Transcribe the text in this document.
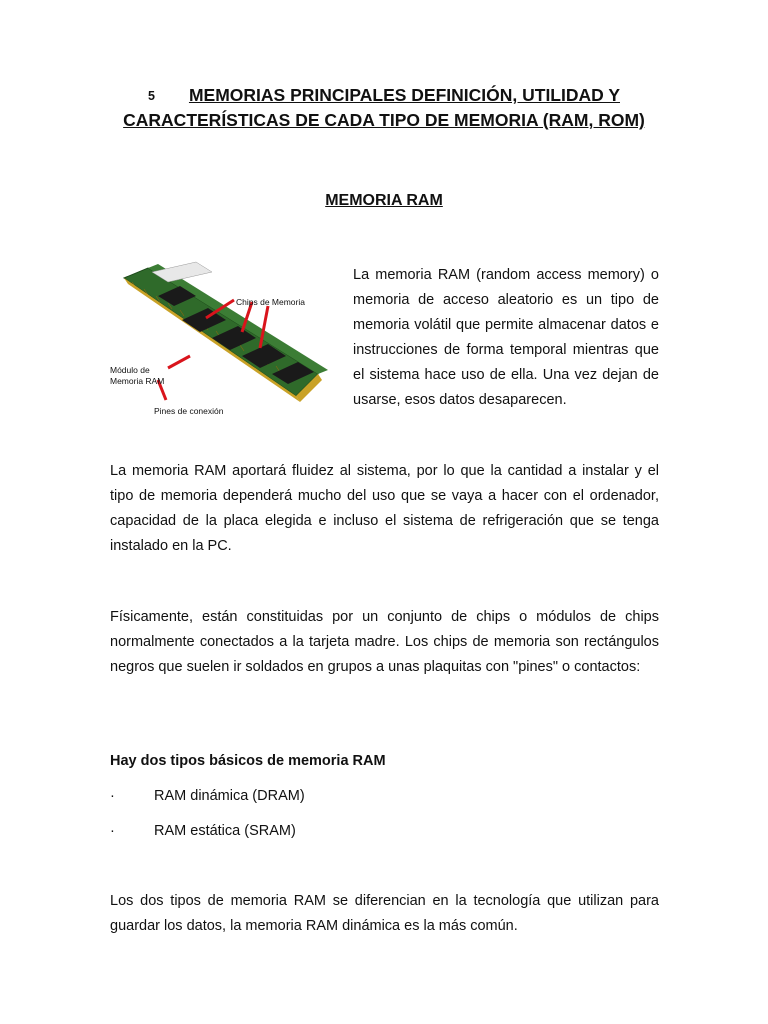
5 MEMORIAS PRINCIPALES DEFINICIÓN, UTILIDAD Y CARACTERÍSTICAS DE CADA TIPO DE MEMORIA (RAM, ROM)
MEMORIA RAM
Chips de Memoria
Módulo de
Memoria RAM
Pines de conexión
La memoria RAM (random access memory) o memoria de acceso aleatorio es un tipo de memoria volátil que permite almacenar datos e instrucciones de forma temporal mientras que el sistema hace uso de ella. Una vez dejan de usarse, esos datos desaparecen.
La memoria RAM aportará fluidez al sistema, por lo que la cantidad a instalar y el tipo de memoria dependerá mucho del uso que se vaya a hacer con el ordenador, capacidad de la placa elegida e incluso el sistema de refrigeración que se tenga instalado en la PC.
Físicamente, están constituidas por un conjunto de chips o módulos de chips normalmente conectados a la tarjeta madre. Los chips de memoria son rectángulos negros que suelen ir soldados en grupos a unas plaquitas con "pines" o contactos:
Hay dos tipos básicos de memoria RAM
·	RAM dinámica (DRAM)
·	RAM estática (SRAM)
Los dos tipos de memoria RAM se diferencian en la tecnología que utilizan para guardar los datos, la memoria RAM dinámica es la más común.
